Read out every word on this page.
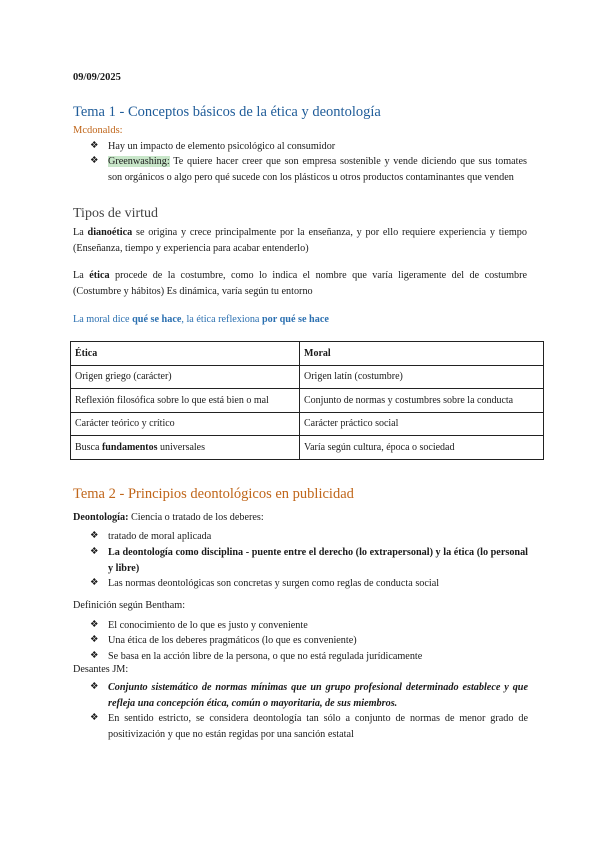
09/09/2025
Tema 1 - Conceptos básicos de la ética y deontología
Mcdonalds:
❖ Hay un impacto de elemento psicológico al consumidor
❖ Greenwashing: Te quiere hacer creer que son empresa sostenible y vende diciendo que sus tomates son orgánicos o algo pero qué sucede con los plásticos u otros productos contaminantes que venden
Tipos de virtud
La dianoética se origina y crece principalmente por la enseñanza, y por ello requiere experiencia y tiempo (Enseñanza, tiempo y experiencia para acabar entenderlo)
La ética procede de la costumbre, como lo indica el nombre que varía ligeramente del de costumbre (Costumbre y hábitos) Es dinámica, varía según tu entorno
La moral dice qué se hace, la ética reflexiona por qué se hace
Ética	Moral
Origen griego (carácter)	Origen latín (costumbre)
Reflexión filosófica sobre lo que está bien o mal	Conjunto de normas y costumbres sobre la conducta
Carácter teórico y crítico	Carácter práctico social
Busca fundamentos universales	Varía según cultura, época o sociedad
Tema 2 - Principios deontológicos en publicidad
Deontología: Ciencia o tratado de los deberes:
❖ tratado de moral aplicada
❖ La deontología como disciplina - puente entre el derecho (lo extrapersonal) y la ética (lo personal y libre)
❖ Las normas deontológicas son concretas y surgen como reglas de conducta social
Definición según Bentham:
❖ El conocimiento de lo que es justo y conveniente
❖ Una ética de los deberes pragmáticos (lo que es conveniente)
❖ Se basa en la acción libre de la persona, o que no está regulada jurídicamente
Desantes JM:
❖ Conjunto sistemático de normas mínimas que un grupo profesional determinado establece y que refleja una concepción ética, común o mayoritaria, de sus miembros.
❖ En sentido estricto, se considera deontología tan sólo a conjunto de normas de menor grado de positivización y que no están regidas por una sanción estatal
